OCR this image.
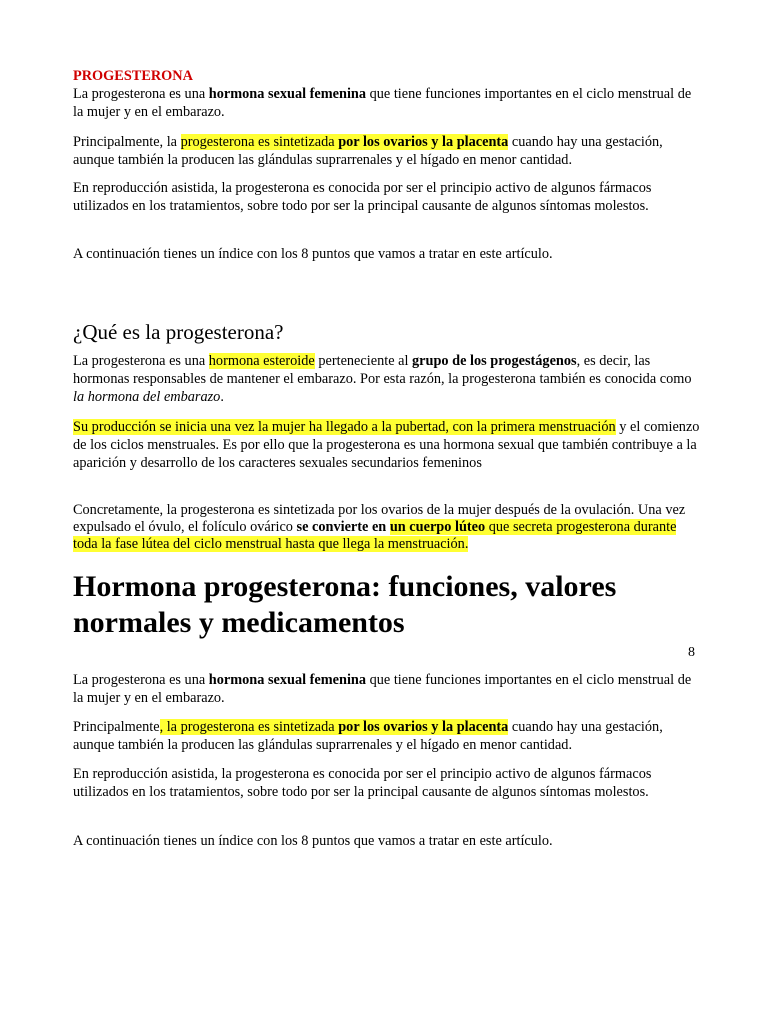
PROGESTERONA

La progesterona es una hormona sexual femenina que tiene funciones importantes en el ciclo menstrual de la mujer y en el embarazo.

Principalmente, la progesterona es sintetizada por los ovarios y la placenta cuando hay una gestación, aunque también la producen las glándulas suprarrenales y el hígado en menor cantidad.

En reproducción asistida, la progesterona es conocida por ser el principio activo de algunos fármacos utilizados en los tratamientos, sobre todo por ser la principal causante de algunos síntomas molestos.

A continuación tienes un índice con los 8 puntos que vamos a tratar en este artículo.

¿Qué es la progesterona?

La progesterona es una hormona esteroide perteneciente al grupo de los progestágenos, es decir, las hormonas responsables de mantener el embarazo. Por esta razón, la progesterona también es conocida como la hormona del embarazo.

Su producción se inicia una vez la mujer ha llegado a la pubertad, con la primera menstruación y el comienzo de los ciclos menstruales. Es por ello que la progesterona es una hormona sexual que también contribuye a la aparición y desarrollo de los caracteres sexuales secundarios femeninos

Concretamente, la progesterona es sintetizada por los ovarios de la mujer después de la ovulación. Una vez expulsado el óvulo, el folículo ovárico se convierte en un cuerpo lúteo que secreta progesterona durante toda la fase lútea del ciclo menstrual hasta que llega la menstruación.

Hormona progesterona: funciones, valores normales y medicamentos
8

La progesterona es una hormona sexual femenina que tiene funciones importantes en el ciclo menstrual de la mujer y en el embarazo.

Principalmente, la progesterona es sintetizada por los ovarios y la placenta cuando hay una gestación, aunque también la producen las glándulas suprarrenales y el hígado en menor cantidad.

En reproducción asistida, la progesterona es conocida por ser el principio activo de algunos fármacos utilizados en los tratamientos, sobre todo por ser la principal causante de algunos síntomas molestos.

A continuación tienes un índice con los 8 puntos que vamos a tratar en este artículo.
